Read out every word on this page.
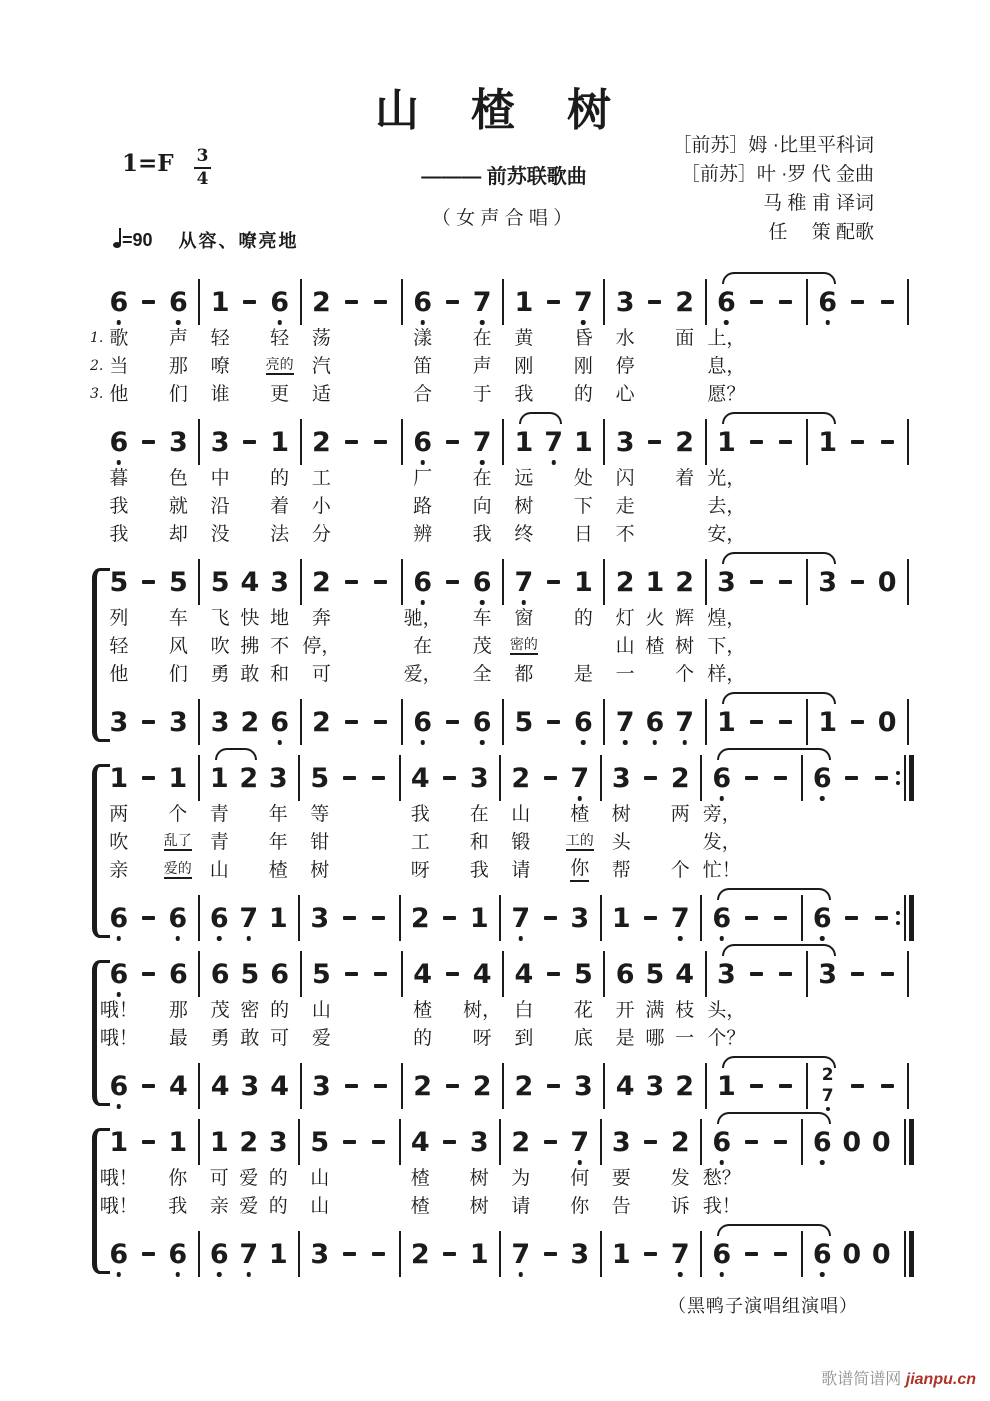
山　楂　树
$1=F \frac{3}{4}$	——— 前苏联歌曲
（ 女 声 合 唱 ）
［前苏］姆 ·比里平科词
［前苏］叶 ·罗 代 金曲
马 稚 甫 译词
任　 策 配歌
=90 从容、嘹亮地
6 6 1 6 2	6 7 1 7 3 2 6	6
1. 歌 声 轻 轻 荡	漾 在 黄 昏 水 面 上，
2. 当 那 嘹	亮的 汽	笛 声 刚 刚 停	息，
3. 他 们 谁 更 适	合 于 我 的 心	愿？
6 3 3 1 2	6 7 1 7 1 3 2 1	1
暮 色 中 的 工	厂 在 远 处 闪 着 光，
我 就 沿 着 小	路 向 树 下 走	去，
我 却 没 法 分	辨 我 终 日 不	安，
5 5 5 4 3 2	6 6 7 1 2 1 2 3	3 0
列 车 飞 快 地 奔	驰， 车 窗 的 灯 火 辉 煌，
轻 风 吹 拂 不 停，	在 茂 密的	山 楂 树 下，
他 们 勇 敢 和 可	爱， 全 都 是 一 个 样，
3 3 3 2 6 2	6 6 5 6 7 6 7 1	1 0
1 1 1 2 3 5	4 3 2 7 3 2 6	6
两 个 青 年 等	我 在 山 楂 树 两 旁，
吹	乱了 青 年 钳	工 和 锻	工的 头	发，
亲	爱的 山 楂 树	呀 我 请 你 帮 个 忙！
6 6 6 7 1 3	2 1 7 3 1 7 6	6
6 6 6 5 6 5	4 4 4 5 6 5 4 3	3
哦！ 那 茂 密 的 山	楂 树， 白 花 开 满 枝 头，
哦！ 最 勇 敢 可 爱	的 呀 到 底 是 哪 一 个？
6 4 4 3 4 3	2 2 2 3 4 3 2 1	2
7
1 1 1 2 3 5	4 3 2 7 3 2 6	6 0 0
哦！ 你 可 爱 的 山	楂 树 为 何 要 发 愁？
哦！ 我 亲 爱 的 山	楂 树 请 你 告 诉 我！
6 6 6 7 1 3	2 1 7 3 1 7 6	6 0 0
（黑鸭子演唱组演唱）
歌谱简谱网 jianpu.cn
